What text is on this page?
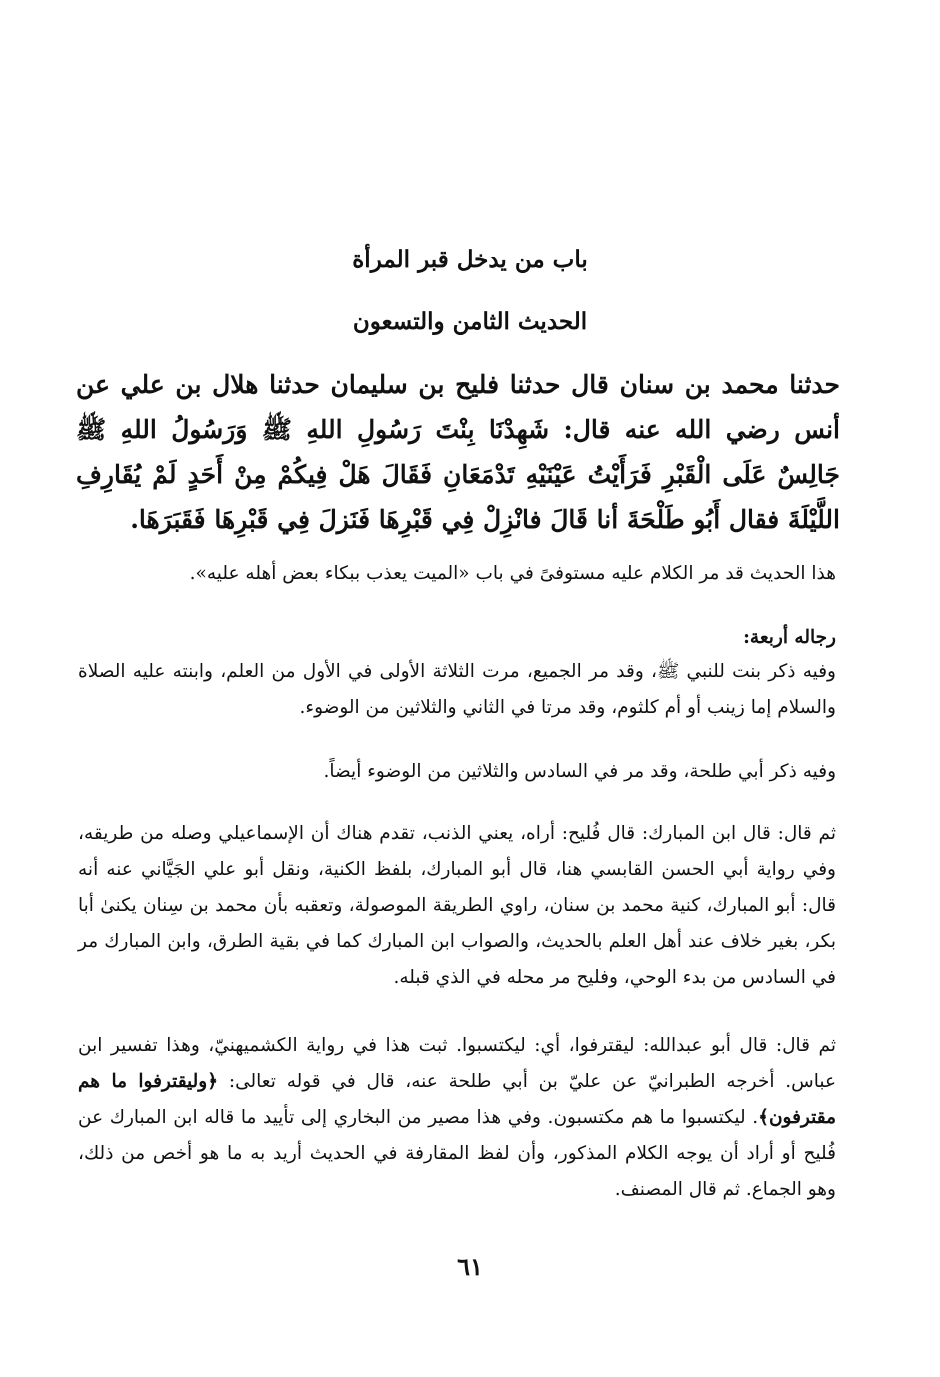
باب من يدخل قبر المرأة
الحديث الثامن والتسعون

حدثنا محمد بن سنان قال حدثنا فليح بن سليمان حدثنا هلال بن علي عن أنس رضي الله عنه قال: شَهِدْنَا بِنْتَ رَسُولِ اللهِ ﷺ وَرَسُولُ اللهِ ﷺ جَالِسٌ عَلَى الْقَبْرِ فَرَأَيْتُ عَيْنَيْهِ تَدْمَعَانِ فَقَالَ هَلْ فِيكُمْ مِنْ أَحَدٍ لَمْ يُقَارِفِ اللَّيْلَةَ فقال أَبُو طَلْحَةَ أنا قَالَ فانْزِلْ فِي قَبْرِهَا فَنَزلَ فِي قَبْرِهَا فَقَبَرَهَا.

هذا الحديث قد مر الكلام عليه مستوفىً في باب «الميت يعذب ببكاء بعض أهله عليه».

رجاله أربعة:

وفيه ذكر بنت للنبي ﷺ، وقد مر الجميع، مرت الثلاثة الأولى في الأول من العلم، وابنته عليه الصلاة والسلام إما زينب أو أم كلثوم، وقد مرتا في الثاني والثلاثين من الوضوء.

وفيه ذكر أبي طلحة، وقد مر في السادس والثلاثين من الوضوء أيضاً.

ثم قال: قال ابن المبارك: قال فُليح: أراه، يعني الذنب، تقدم هناك أن الإسماعيلي وصله من طريقه، وفي رواية أبي الحسن القابسي هنا، قال أبو المبارك، بلفظ الكنية، ونقل أبو علي الجَيَّاني عنه أنه قال: أبو المبارك، كنية محمد بن سنان، راوي الطريقة الموصولة، وتعقبه بأن محمد بن سِنان يكنىٰ أبا بكر، بغير خلاف عند أهل العلم بالحديث، والصواب ابن المبارك كما في بقية الطرق، وابن المبارك مر في السادس من بدء الوحي، وفليح مر محله في الذي قبله.

ثم قال: قال أبو عبدالله: ليقترفوا، أي: ليكتسبوا. ثبت هذا في رواية الكشميهنيّ، وهذا تفسير ابن عباس. أخرجه الطبرانيّ عن عليّ بن أبي طلحة عنه، قال في قوله تعالى: ﴿وليقترفوا ما هم مقترفون﴾. ليكتسبوا ما هم مكتسبون. وفي هذا مصير من البخاري إلى تأييد ما قاله ابن المبارك عن فُليح أو أراد أن يوجه الكلام المذكور، وأن لفظ المقارفة في الحديث أريد به ما هو أخص من ذلك، وهو الجماع. ثم قال المصنف.

٦١
